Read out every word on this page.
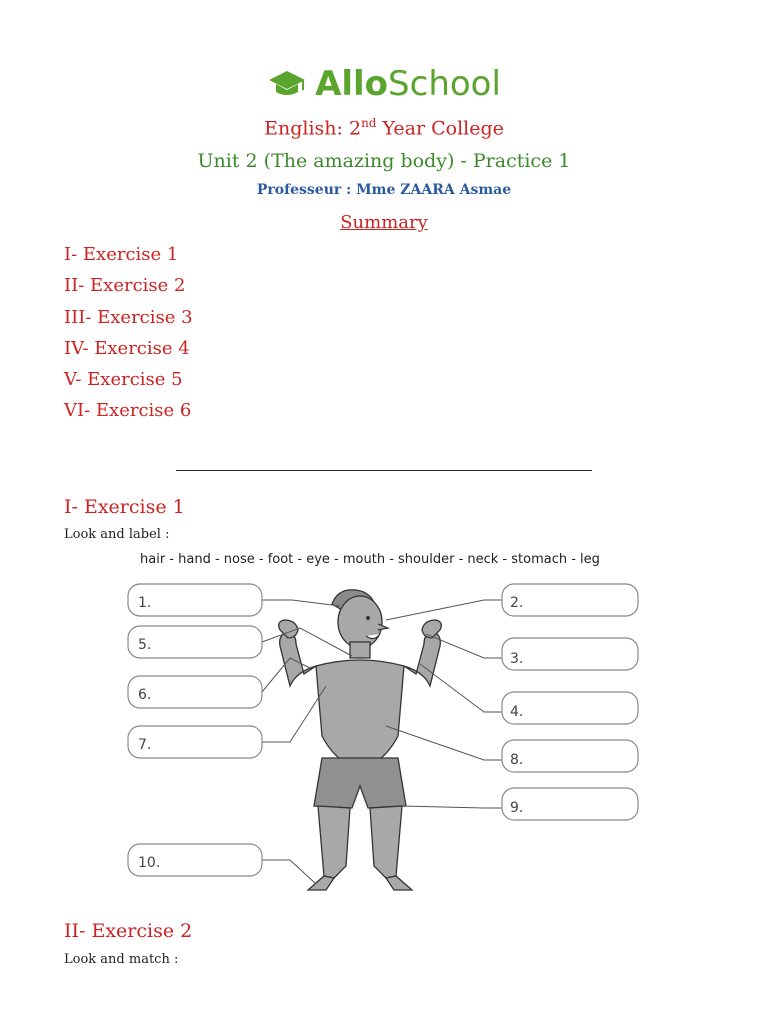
AlloSchool
English: 2nd Year College
Unit 2 (The amazing body) - Practice 1
Professeur : Mme ZAARA Asmae
Summary
I- Exercise 1
II- Exercise 2
III- Exercise 3
IV- Exercise 4
V- Exercise 5
VI- Exercise 6
I- Exercise 1
Look and label :
hair - hand - nose - foot - eye - mouth - shoulder - neck - stomach - leg
1.
5.
6.
7.
10.
2.
3.
4.
8.
9.
II- Exercise 2
Look and match :
